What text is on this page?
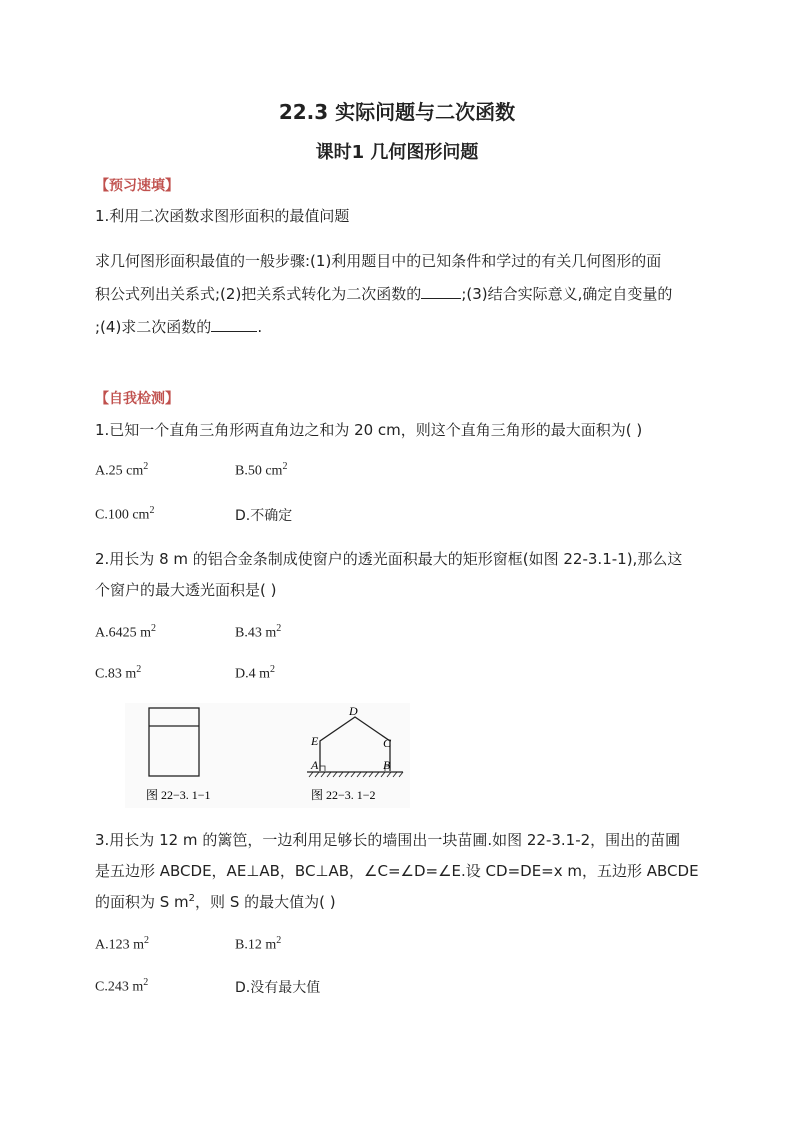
22.3 实际问题与二次函数
课时1 几何图形问题
【预习速填】
1.利用二次函数求图形面积的最值问题
求几何图形面积最值的一般步骤:(1)利用题目中的已知条件和学过的有关几何图形的面
积公式列出关系式;(2)把关系式转化为二次函数的	;(3)结合实际意义,确定自变量的
;(4)求二次函数的	.
【自我检测】
1.已知一个直角三角形两直角边之和为 20 cm，则这个直角三角形的最大面积为( )
A.25 $cm^2$	B.50 $cm^2$
C.100 $cm^2$	D.不确定
2.用长为 8 m 的铝合金条制成使窗户的透光面积最大的矩形窗框(如图 22-3.1-1),那么这
个窗户的最大透光面积是( )
A.6425 $m^2$	B.43 $m^2$
C.83 $m^2$	D.4 $m^2$
D
E	C
A	B
图 22−3. 1−1	图 22−3. 1−2
3.用长为 12 m 的篱笆，一边利用足够长的墙围出一块苗圃.如图 22-3.1-2，围出的苗圃
是五边形 ABCDE，AE⊥AB，BC⊥AB，∠C=∠D=∠E.设 CD=DE=x m，五边形 ABCDE
的面积为 S $m^2$，则 S 的最大值为( )
A.123 $m^2$	B.12 $m^2$
C.243 $m^2$	D.没有最大值
